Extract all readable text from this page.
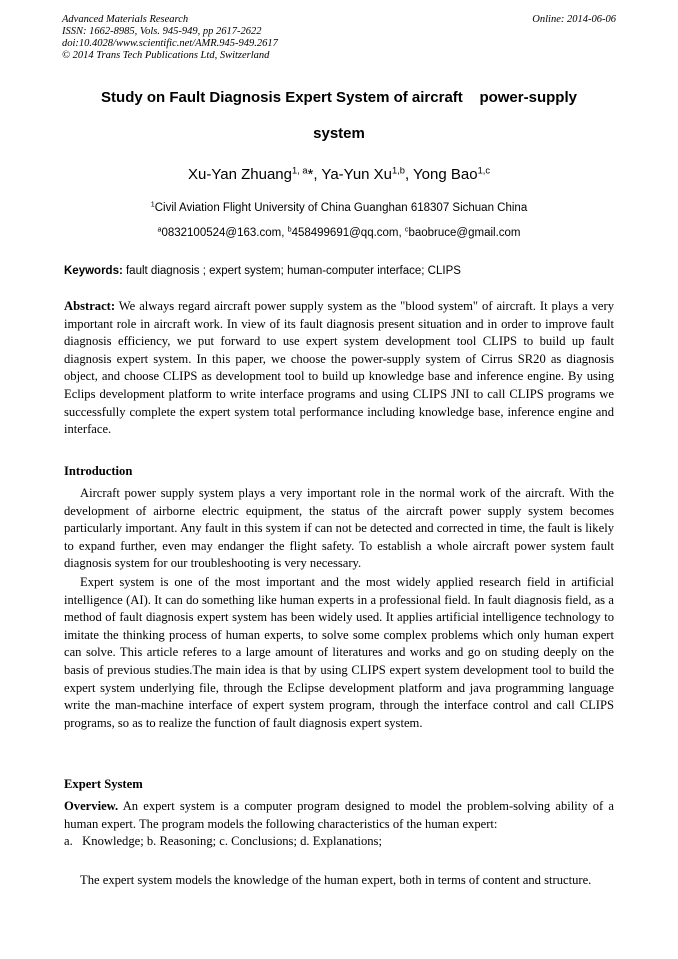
Advanced Materials Research
ISSN: 1662-8985, Vols. 945-949, pp 2617-2622
doi:10.4028/www.scientific.net/AMR.945-949.2617
© 2014 Trans Tech Publications Ltd, Switzerland
Online: 2014-06-06
Study on Fault Diagnosis Expert System of aircraft    power-supply
system
Xu-Yan Zhuang$^{1, a}$*, Ya-Yun Xu$^{1,b}$, Yong Bao$^{1,c}$
$^1$Civil Aviation Flight University of China Guanghan 618307 Sichuan China
$^a$0832100524@163.com, $^b$458499691@qq.com, $^c$baobruce@gmail.com
Keywords: fault diagnosis ; expert system; human-computer interface; CLIPS
Abstract: We always regard aircraft power supply system as the "blood system" of aircraft. It plays a very important role in aircraft work. In view of its fault diagnosis present situation and in order to improve fault diagnosis efficiency, we put forward to use expert system development tool CLIPS to build up fault diagnosis expert system. In this paper, we choose the power-supply system of Cirrus SR20 as diagnosis object, and choose CLIPS as development tool to build up knowledge base and inference engine. By using Eclips development platform to write interface programs and using CLIPS JNI to call CLIPS programs we successfully complete the expert system total performance including knowledge base, inference engine and interface.
Introduction
Aircraft power supply system plays a very important role in the normal work of the aircraft. With the development of airborne electric equipment, the status of the aircraft power supply system becomes particularly important. Any fault in this system if can not be detected and corrected in time, the fault is likely to expand further, even may endanger the flight safety. To establish a whole aircraft power system fault diagnosis system for our troubleshooting is very necessary.
Expert system is one of the most important and the most widely applied research field in artificial intelligence (AI). It can do something like human experts in a professional field. In fault diagnosis field, as a method of fault diagnosis expert system has been widely used. It applies artificial intelligence technology to imitate the thinking process of human experts, to solve some complex problems which only human expert can solve. This article referes to a large amount of literatures and works and go on studing deeply on the basis of previous studies.The main idea is that by using CLIPS expert system development tool to build the expert system underlying file, through the Eclipse development platform and java programming language write the man-machine interface of expert system program, through the interface control and call CLIPS programs, so as to realize the function of fault diagnosis expert system.
Expert System
Overview. An expert system is a computer program designed to model the problem-solving ability of a human expert. The program models the following characteristics of the human expert:
a.   Knowledge; b. Reasoning; c. Conclusions; d. Explanations;
The expert system models the knowledge of the human expert, both in terms of content and structure.
